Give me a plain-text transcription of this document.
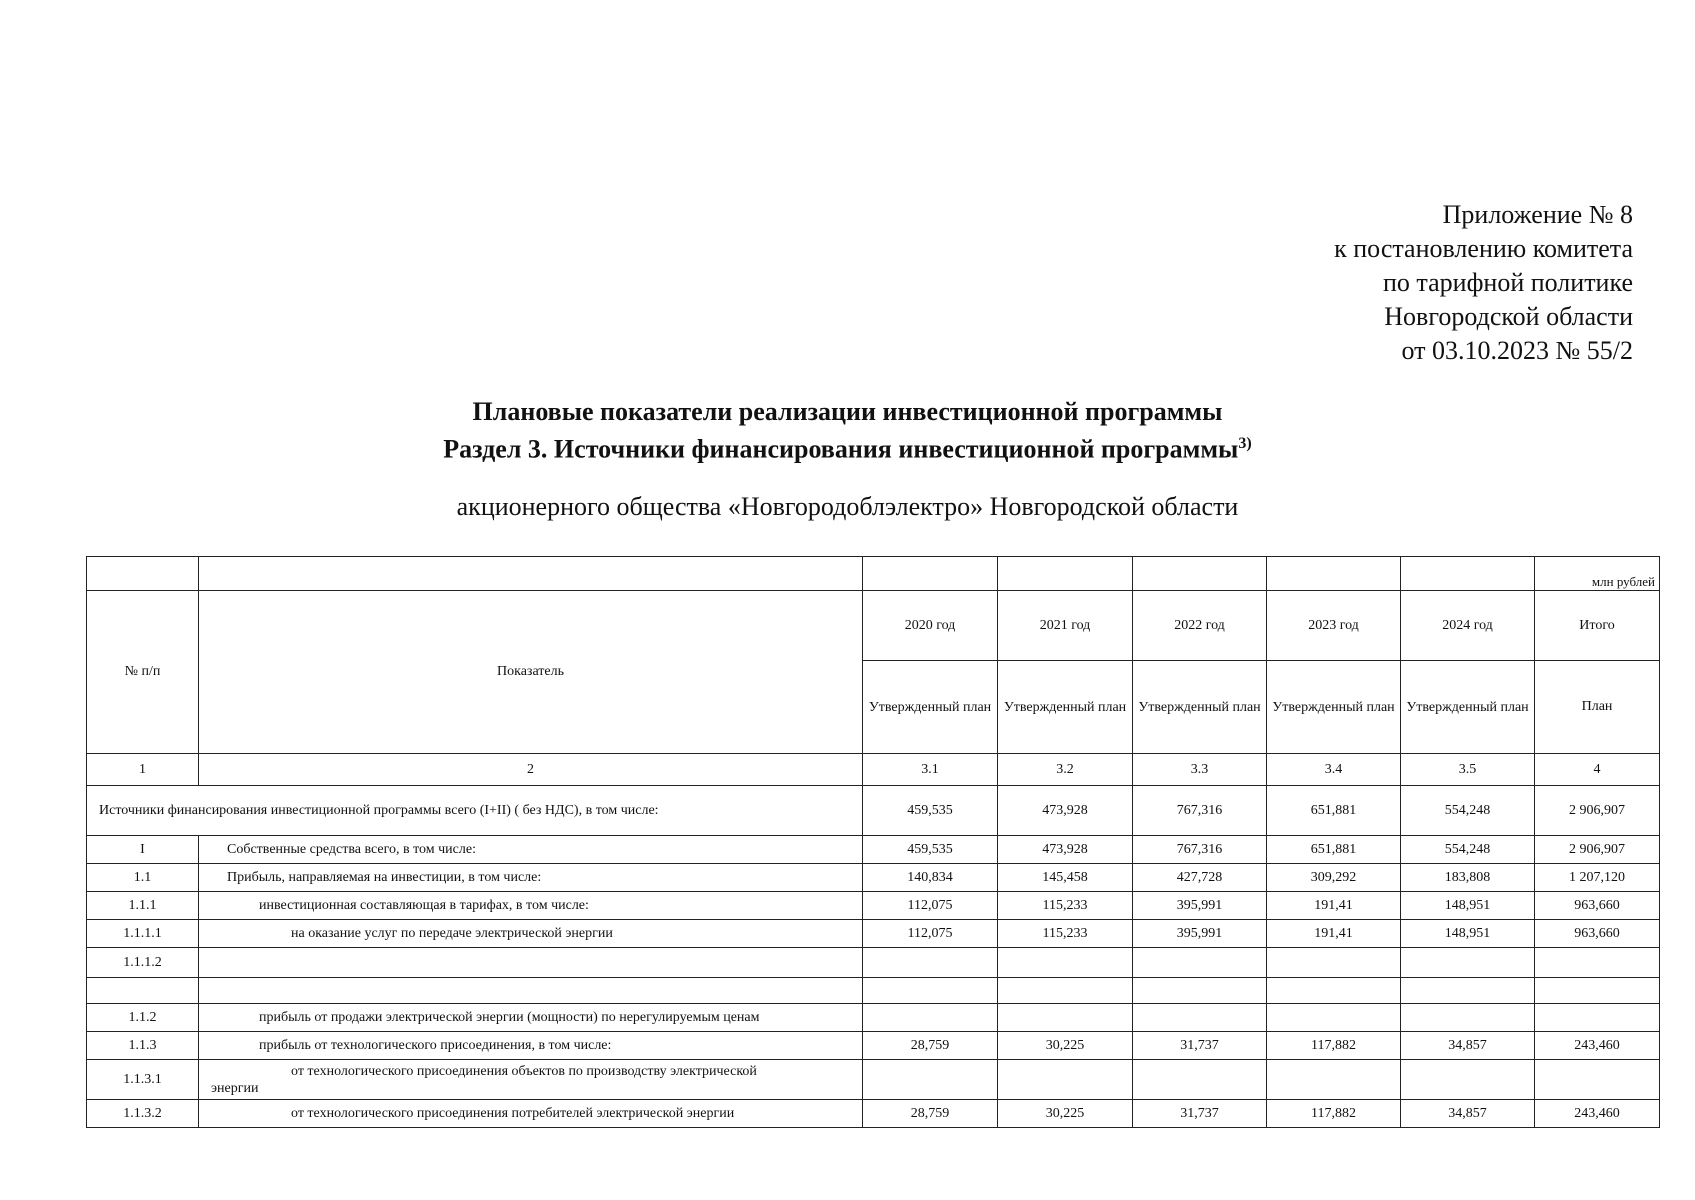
Приложение № 8
к постановлению комитета
по тарифной политике
Новгородской области
от 03.10.2023 № 55/2
Плановые показатели реализации инвестиционной программы
Раздел 3. Источники финансирования инвестиционной программы$^{3)}$
акционерного общества «Новгородоблэлектро» Новгородской области
							млн рублей
№ п/п	Показатель	2020 год	2021 год	2022 год	2023 год	2024 год	Итого
		Утвержденный план	Утвержденный план	Утвержденный план	Утвержденный план	Утвержденный план	План
1	2	3.1	3.2	3.3	3.4	3.5	4
Источники финансирования инвестиционной программы всего (I+II) ( без НДС), в том числе:		459,535	473,928	767,316	651,881	554,248	2 906,907
I	Собственные средства всего, в том числе:	459,535	473,928	767,316	651,881	554,248	2 906,907
1.1	Прибыль, направляемая на инвестиции, в том числе:	140,834	145,458	427,728	309,292	183,808	1 207,120
1.1.1	инвестиционная составляющая в тарифах, в том числе:	112,075	115,233	395,991	191,41	148,951	963,660
1.1.1.1	на оказание услуг по передаче электрической энергии	112,075	115,233	395,991	191,41	148,951	963,660
1.1.1.2							

1.1.2	прибыль от продажи электрической энергии (мощности) по нерегулируемым ценам						
1.1.3	прибыль от технологического присоединения, в том числе:	28,759	30,225	31,737	117,882	34,857	243,460
1.1.3.1	от технологического присоединения объектов по производству электрической
энергии						

1.1.3.2	от технологического присоединения потребителей электрической энергии	28,759	30,225	31,737	117,882	34,857	243,460
